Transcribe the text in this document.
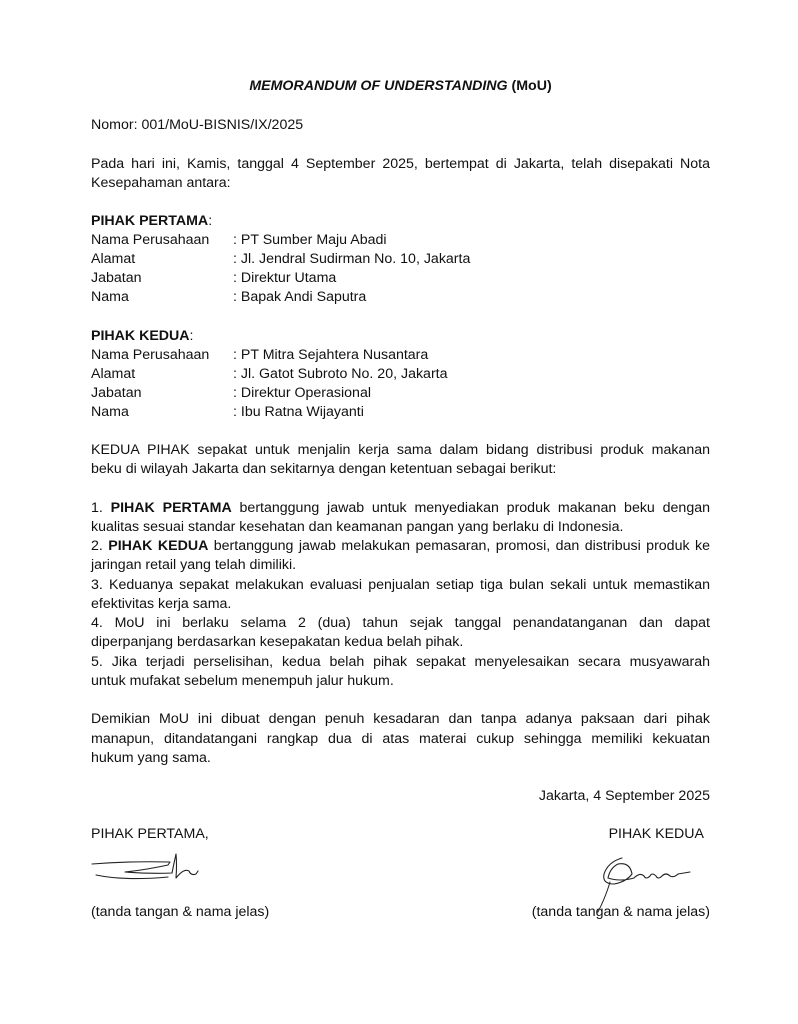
MEMORANDUM OF UNDERSTANDING (MoU)
Nomor: 001/MoU-BISNIS/IX/2025
Pada hari ini, Kamis, tanggal 4 September 2025, bertempat di Jakarta, telah disepakati Nota
Kesepahaman antara:
PIHAK PERTAMA:
Nama Perusahaan : PT Sumber Maju Abadi
Alamat	: Jl. Jendral Sudirman No. 10, Jakarta
Jabatan	: Direktur Utama
Nama	: Bapak Andi Saputra
PIHAK KEDUA:
Nama Perusahaan : PT Mitra Sejahtera Nusantara
Alamat	: Jl. Gatot Subroto No. 20, Jakarta
Jabatan	: Direktur Operasional
Nama	: Ibu Ratna Wijayanti
KEDUA PIHAK sepakat untuk menjalin kerja sama dalam bidang distribusi produk makanan
beku di wilayah Jakarta dan sekitarnya dengan ketentuan sebagai berikut:
1. PIHAK PERTAMA bertanggung jawab untuk menyediakan produk makanan beku dengan
kualitas sesuai standar kesehatan dan keamanan pangan yang berlaku di Indonesia.
2. PIHAK KEDUA bertanggung jawab melakukan pemasaran, promosi, dan distribusi produk ke
jaringan retail yang telah dimiliki.
3. Keduanya sepakat melakukan evaluasi penjualan setiap tiga bulan sekali untuk memastikan
efektivitas kerja sama.
4. MoU ini berlaku selama 2 (dua) tahun sejak tanggal penandatanganan dan dapat
diperpanjang berdasarkan kesepakatan kedua belah pihak.
5. Jika terjadi perselisihan, kedua belah pihak sepakat menyelesaikan secara musyawarah
untuk mufakat sebelum menempuh jalur hukum.
Demikian MoU ini dibuat dengan penuh kesadaran dan tanpa adanya paksaan dari pihak
manapun, ditandatangani rangkap dua di atas materai cukup sehingga memiliki kekuatan
hukum yang sama.
Jakarta, 4 September 2025
PIHAK PERTAMA,	PIHAK KEDUA
(tanda tangan & nama jelas)	(tanda tangan & nama jelas)
